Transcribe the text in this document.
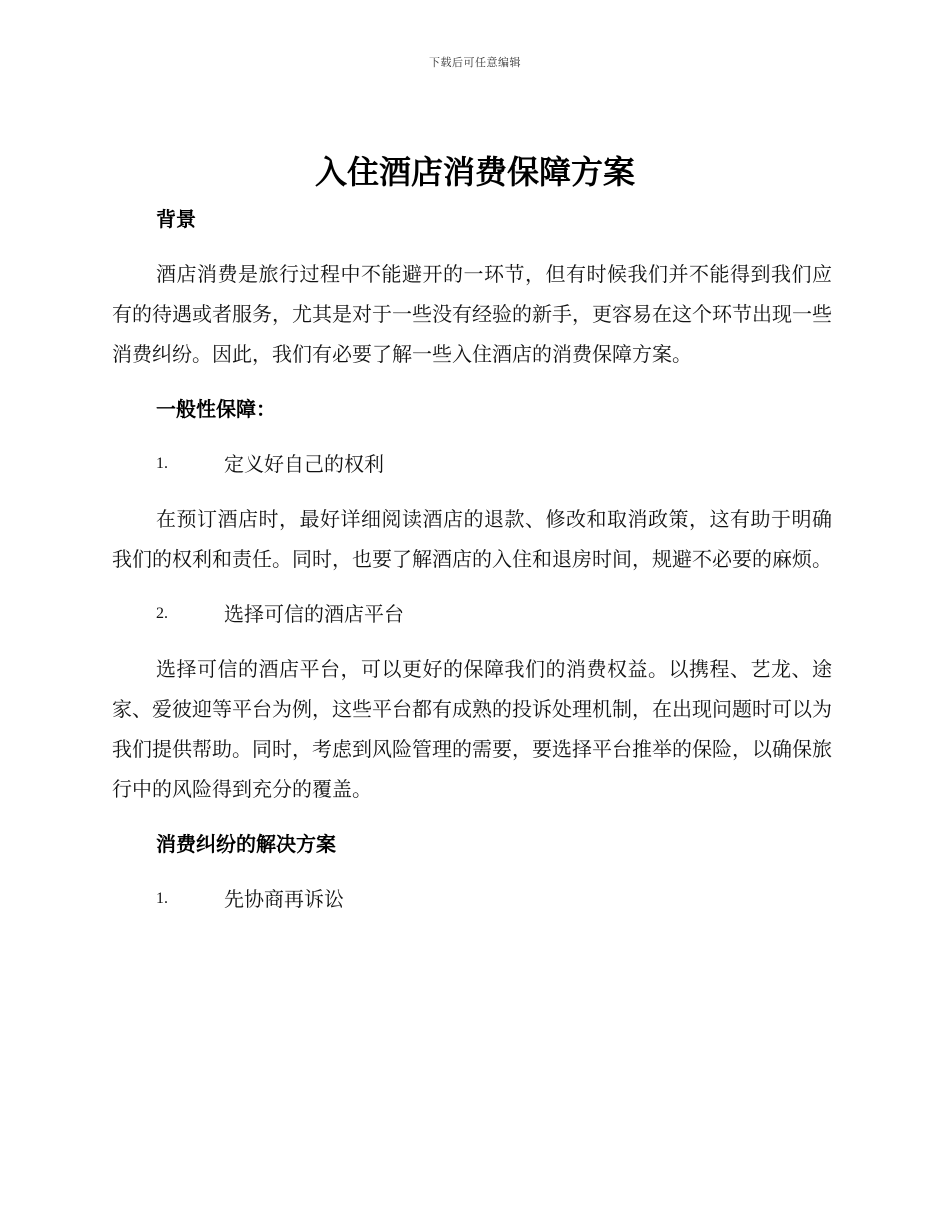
下载后可任意编辑
入住酒店消费保障方案
背景

酒店消费是旅行过程中不能避开的一环节，但有时候我们并不能得到我们应有的待遇或者服务，尤其是对于一些没有经验的新手，更容易在这个环节出现一些消费纠纷。因此，我们有必要了解一些入住酒店的消费保障方案。

一般性保障：
1.	定义好自己的权利

在预订酒店时，最好详细阅读酒店的退款、修改和取消政策，这有助于明确我们的权利和责任。同时，也要了解酒店的入住和退房时间，规避不必要的麻烦。

2.	选择可信的酒店平台

选择可信的酒店平台，可以更好的保障我们的消费权益。以携程、艺龙、途家、爱彼迎等平台为例，这些平台都有成熟的投诉处理机制，在出现问题时可以为我们提供帮助。同时，考虑到风险管理的需要，要选择平台推举的保险，以确保旅行中的风险得到充分的覆盖。

消费纠纷的解决方案
1.	先协商再诉讼
